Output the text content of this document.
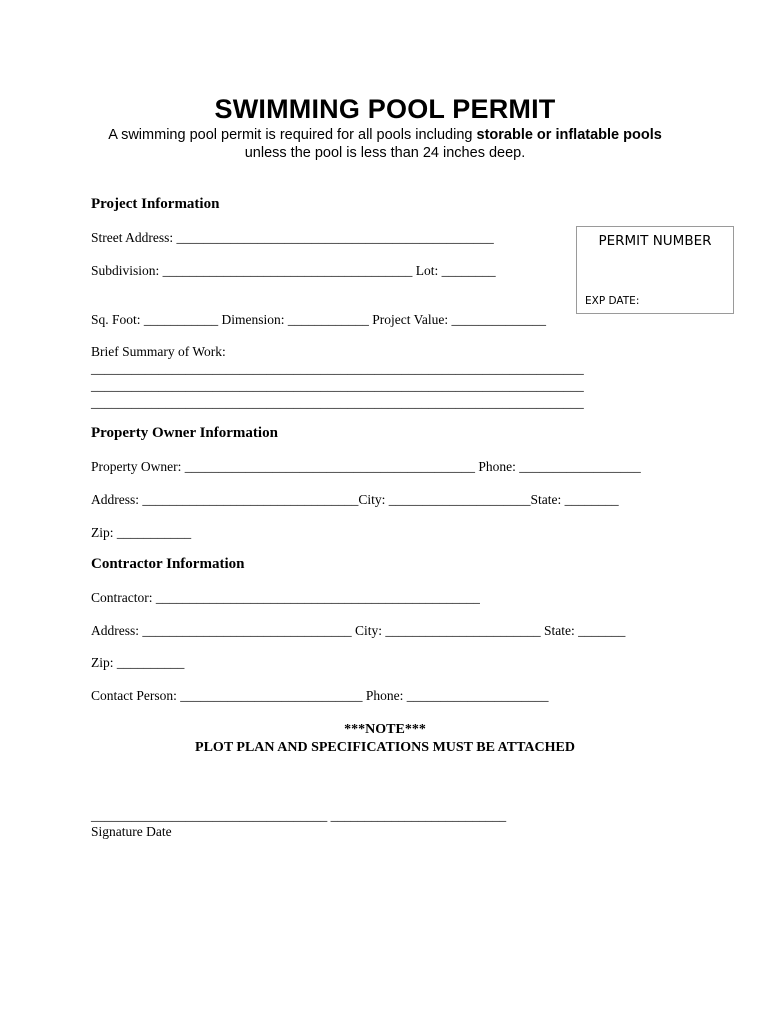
SWIMMING POOL PERMIT
A swimming pool permit is required for all pools including storable or inflatable pools
unless the pool is less than 24 inches deep.
Project Information
Street Address: _______________________________________________
Subdivision: _____________________________________ Lot: ________
PERMIT NUMBER
EXP DATE:
Sq. Foot: ___________ Dimension: ____________ Project Value: ______________
Brief Summary of Work:
_________________________________________________________________________
_________________________________________________________________________
_________________________________________________________________________
Property Owner Information
Property Owner: ___________________________________________ Phone: __________________
Address: ________________________________City: _____________________State: ________
Zip: ___________
Contractor Information
Contractor: ________________________________________________
Address: _______________________________ City: _______________________ State: _______
Zip: __________
Contact Person: ___________________________ Phone: _____________________
***NOTE***
PLOT PLAN AND SPECIFICATIONS MUST BE ATTACHED
___________________________________ __________________________
Signature Date
